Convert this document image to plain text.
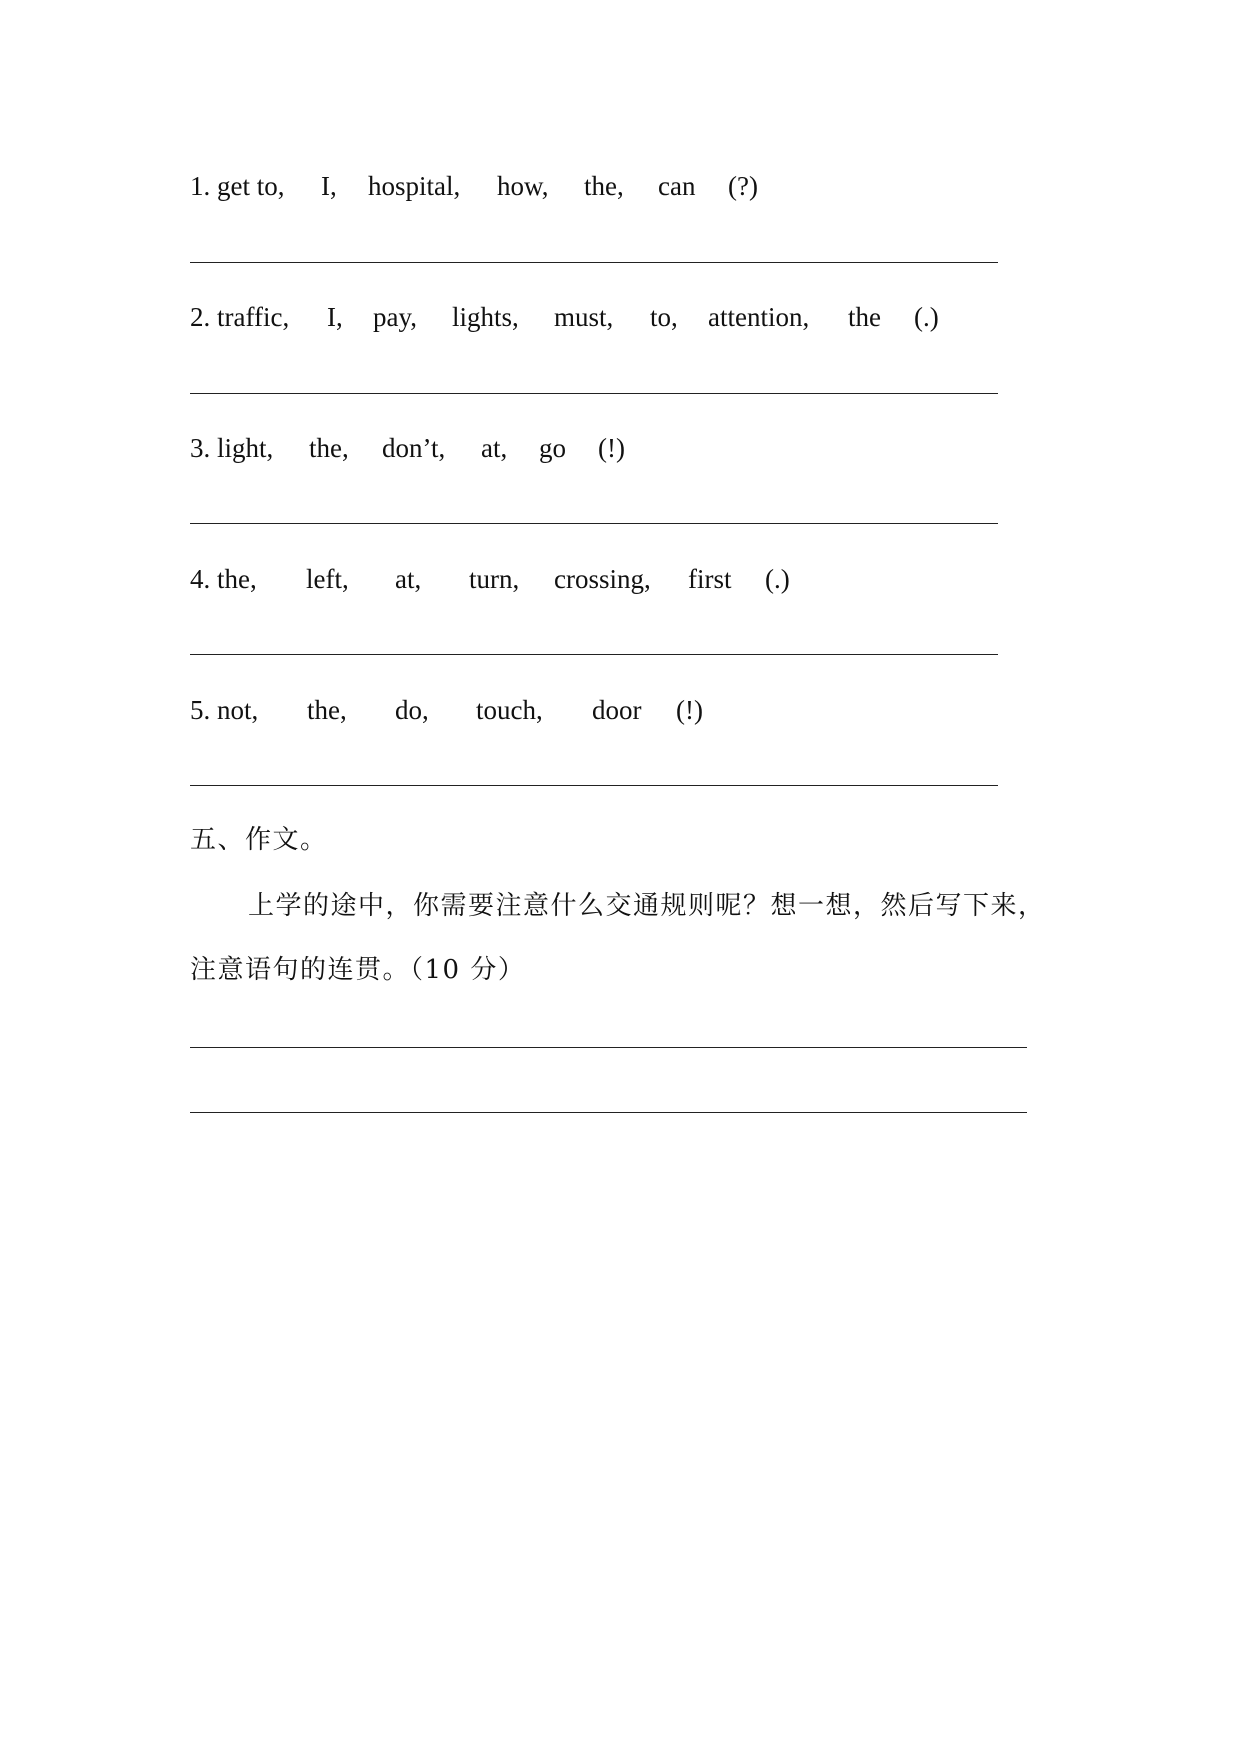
1. get to, I, hospital, how, the, can (?)
2. traffic, I, pay, lights, must, to, attention, the (.)
3. light, the, don’t, at, go (!)
4. the, left, at, turn, crossing, first (.)
5. not, the, do, touch, door (!)
五、作文。
上学的途中，你需要注意什么交通规则呢？想一想，然后写下来，
注意语句的连贯。（10 分）
